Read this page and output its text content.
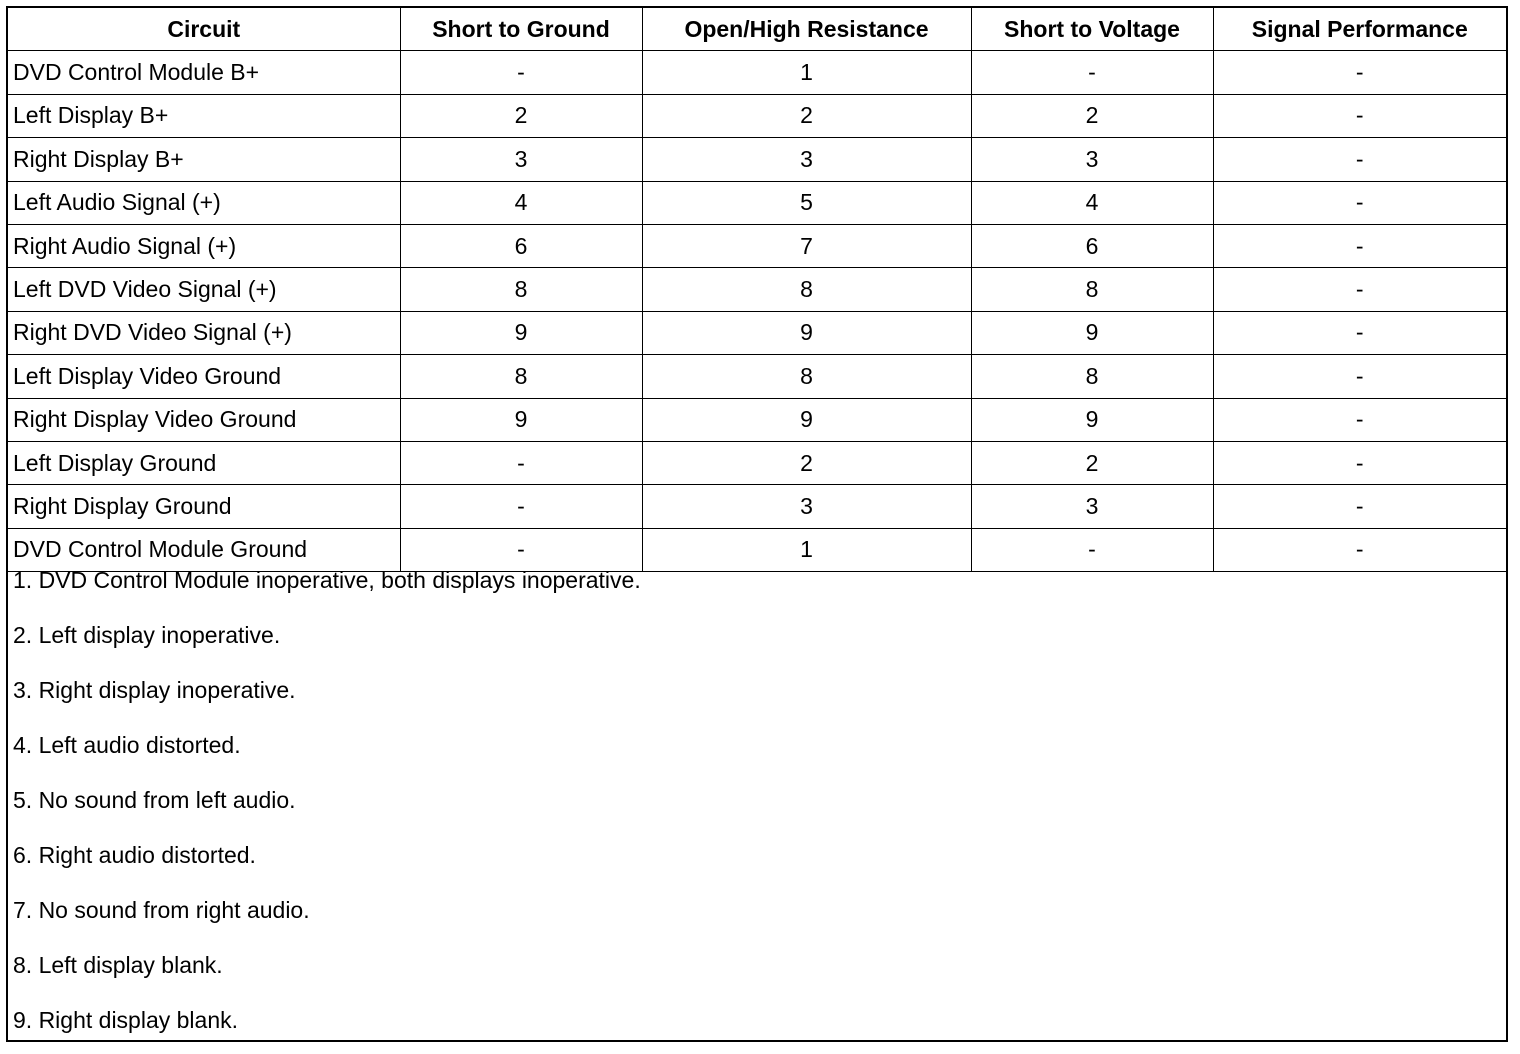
Circuit	Short to Ground	Open/High Resistance	Short to Voltage	Signal Performance
DVD Control Module B+	-	1	-	-
Left Display B+	2	2	2	-
Right Display B+	3	3	3	-
Left Audio Signal (+)	4	5	4	-
Right Audio Signal (+)	6	7	6	-
Left DVD Video Signal (+)	8	8	8	-
Right DVD Video Signal (+)	9	9	9	-
Left Display Video Ground	8	8	8	-
Right Display Video Ground	9	9	9	-
Left Display Ground	-	2	2	-
Right Display Ground	-	3	3	-
DVD Control Module Ground	-	1	-	-
1. DVD Control Module inoperative, both displays inoperative.
2. Left display inoperative.
3. Right display inoperative.
4. Left audio distorted.
5. No sound from left audio.
6. Right audio distorted.
7. No sound from right audio.
8. Left display blank.
9. Right display blank.
